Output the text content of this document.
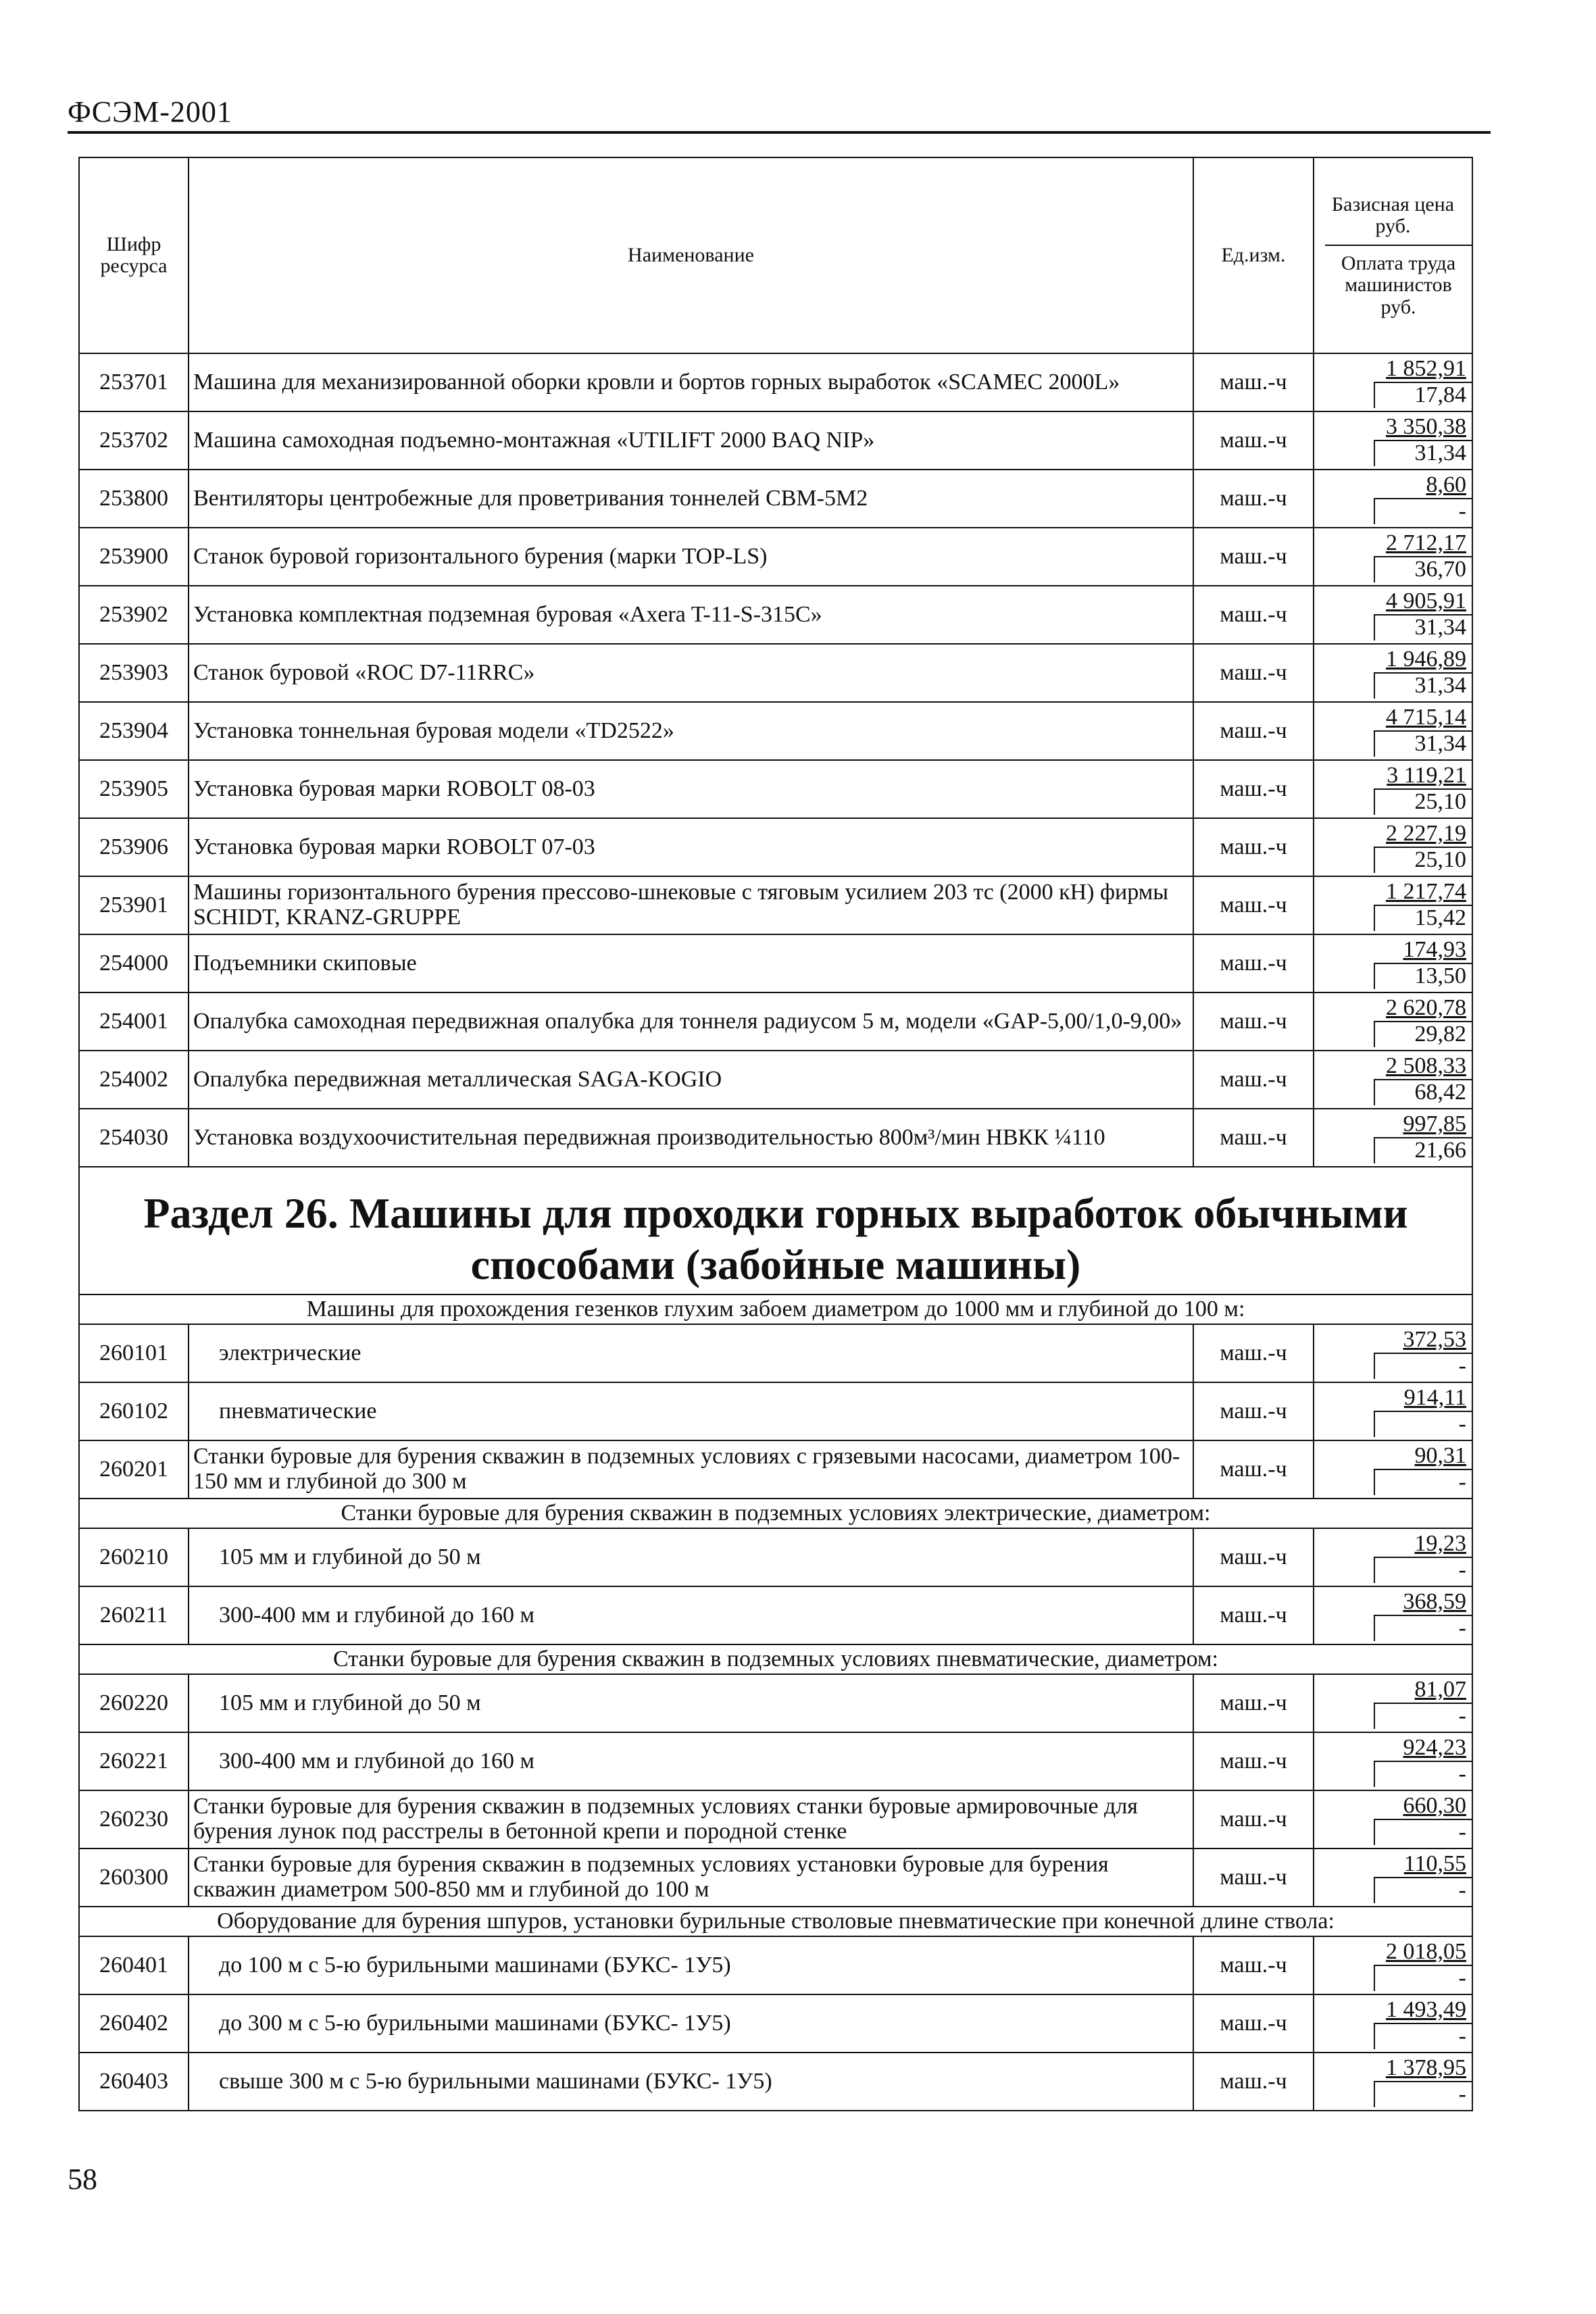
ФСЭМ-2001
Шифр ресурса	Наименование	Ед.изм.	Базисная цена руб.
Оплата труда машинистов руб.

253701	Машина для механизированной оборки кровли и бортов горных выработок «SCAMEC 2000L»	маш.-ч	1 852,91
17,84

253702	Машина самоходная подъемно-монтажная «UTILIFT 2000 BAQ NIP»	маш.-ч	3 350,38
31,34

253800	Вентиляторы центробежные для проветривания тоннелей СВМ-5М2	маш.-ч	8,60
-

253900	Станок буровой горизонтального бурения (марки TOP-LS)	маш.-ч	2 712,17
36,70

253902	Установка комплектная подземная буровая «Axera T-11-S-315C»	маш.-ч	4 905,91
31,34

253903	Станок буровой «ROC D7-11RRC»	маш.-ч	1 946,89
31,34

253904	Установка тоннельная буровая модели «TD2522»	маш.-ч	4 715,14
31,34

253905	Установка буровая марки ROBOLT 08-03	маш.-ч	3 119,21
25,10

253906	Установка буровая марки ROBOLT 07-03	маш.-ч	2 227,19
25,10

253901	Машины горизонтального бурения прессово-шнековые с тяговым усилием 203 тс (2000 кН) фирмы SCHIDT, KRANZ-GRUPPE	маш.-ч	1 217,74
15,42

254000	Подъемники скиповые	маш.-ч	174,93
13,50

254001	Опалубка самоходная передвижная опалубка для тоннеля радиусом 5 м, модели «GAP-5,00/1,0-9,00»	маш.-ч	2 620,78
29,82

254002	Опалубка передвижная металлическая SAGA-KOGIO	маш.-ч	2 508,33
68,42

254030	Установка воздухоочистительная передвижная производительностью 800м³/мин НВКК ¼110	маш.-ч	997,85
21,66

Раздел 26. Машины для проходки горных выработок обычными способами (забойные машины)			
Машины для прохождения гезенков глухим забоем диаметром до 1000 мм и глубиной до 100 м:			
260101	электрические	маш.-ч	372,53
-

260102	пневматические	маш.-ч	914,11
-

260201	Станки буровые для бурения скважин в подземных условиях с грязевыми насосами, диаметром 100-150 мм и глубиной до 300 м	маш.-ч	90,31
-

Станки буровые для бурения скважин в подземных условиях электрические, диаметром:			
260210	105 мм и глубиной до 50 м	маш.-ч	19,23
-

260211	300-400 мм и глубиной до 160 м	маш.-ч	368,59
-

Станки буровые для бурения скважин в подземных условиях пневматические, диаметром:			
260220	105 мм и глубиной до 50 м	маш.-ч	81,07
-

260221	300-400 мм и глубиной до 160 м	маш.-ч	924,23
-

260230	Станки буровые для бурения скважин в подземных условиях станки буровые армировочные для бурения лунок под расстрелы в бетонной крепи и породной стенке	маш.-ч	660,30
-

260300	Станки буровые для бурения скважин в подземных условиях установки буровые для бурения скважин диаметром 500-850 мм и глубиной до 100 м	маш.-ч	110,55
-

Оборудование для бурения шпуров, установки бурильные стволовые пневматические при конечной длине ствола:			
260401	до 100 м с 5-ю бурильными машинами (БУКС- 1У5)	маш.-ч	2 018,05
-

260402	до 300 м с 5-ю бурильными машинами (БУКС- 1У5)	маш.-ч	1 493,49
-

260403	свыше 300 м с 5-ю бурильными машинами (БУКС- 1У5)	маш.-ч	1 378,95
-
58
